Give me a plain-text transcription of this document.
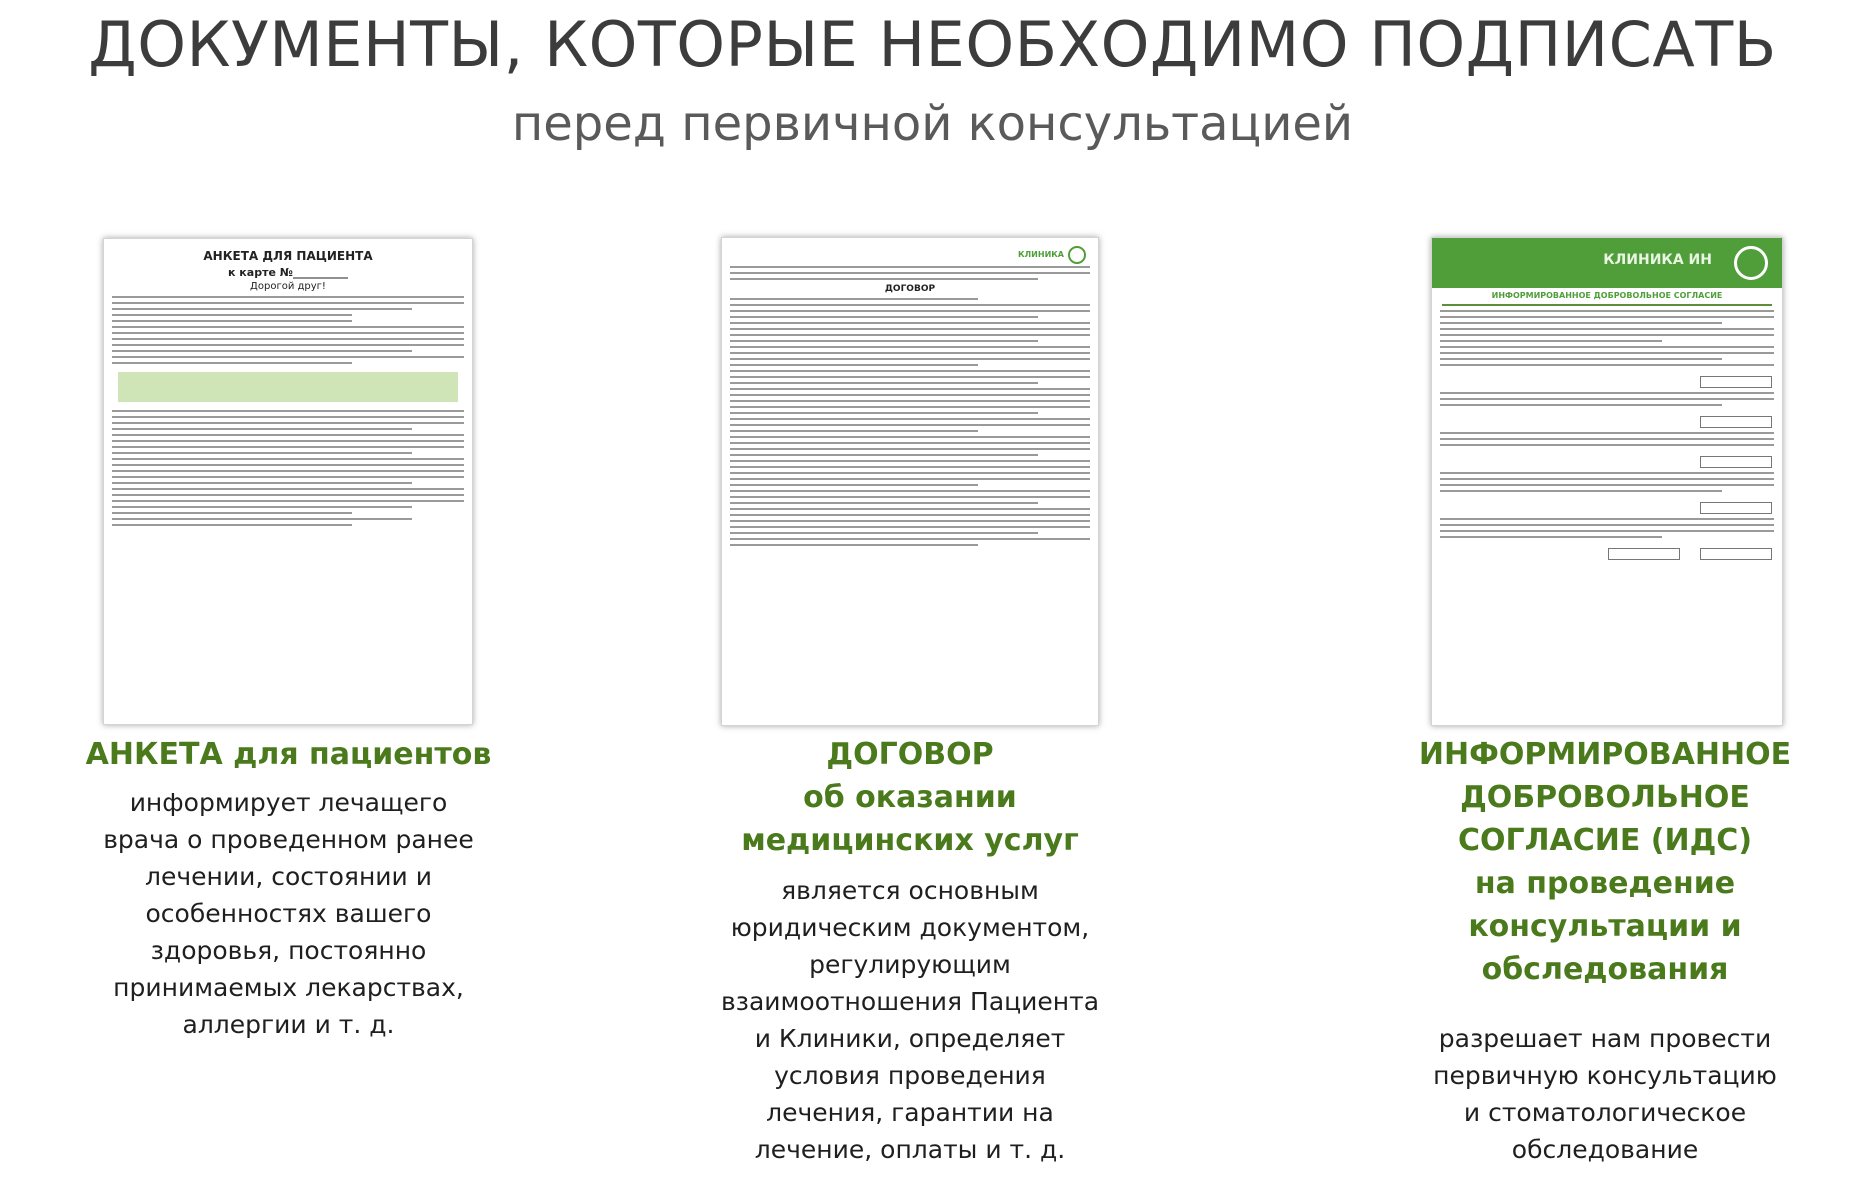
ДОКУМЕНТЫ, КОТОРЫЕ НЕОБХОДИМО ПОДПИСАТЬ
перед первичной консультацией
АНКЕТА ДЛЯ ПАЦИЕНТА
к карте №__________
Дорогой друг!
КЛИНИКА
ДОГОВОР
КЛИНИКА ИН
ИНФОРМИРОВАННОЕ ДОБРОВОЛЬНОЕ СОГЛАСИЕ
АНКЕТА для пациентов
информирует лечащего
врача о проведенном ранее
лечении, состоянии и
особенностях вашего
здоровья, постоянно
принимаемых лекарствах,
аллергии и т. д.
ДОГОВОР
об оказании
медицинских услуг
является основным
юридическим документом,
регулирующим
взаимоотношения Пациента
и Клиники, определяет
условия проведения
лечения, гарантии на
лечение, оплаты и т. д.
ИНФОРМИРОВАННОЕ
ДОБРОВОЛЬНОЕ
СОГЛАСИЕ (ИДС)
на проведение
консультации и
обследования
разрешает нам провести
первичную консультацию
и стоматологическое
обследование
